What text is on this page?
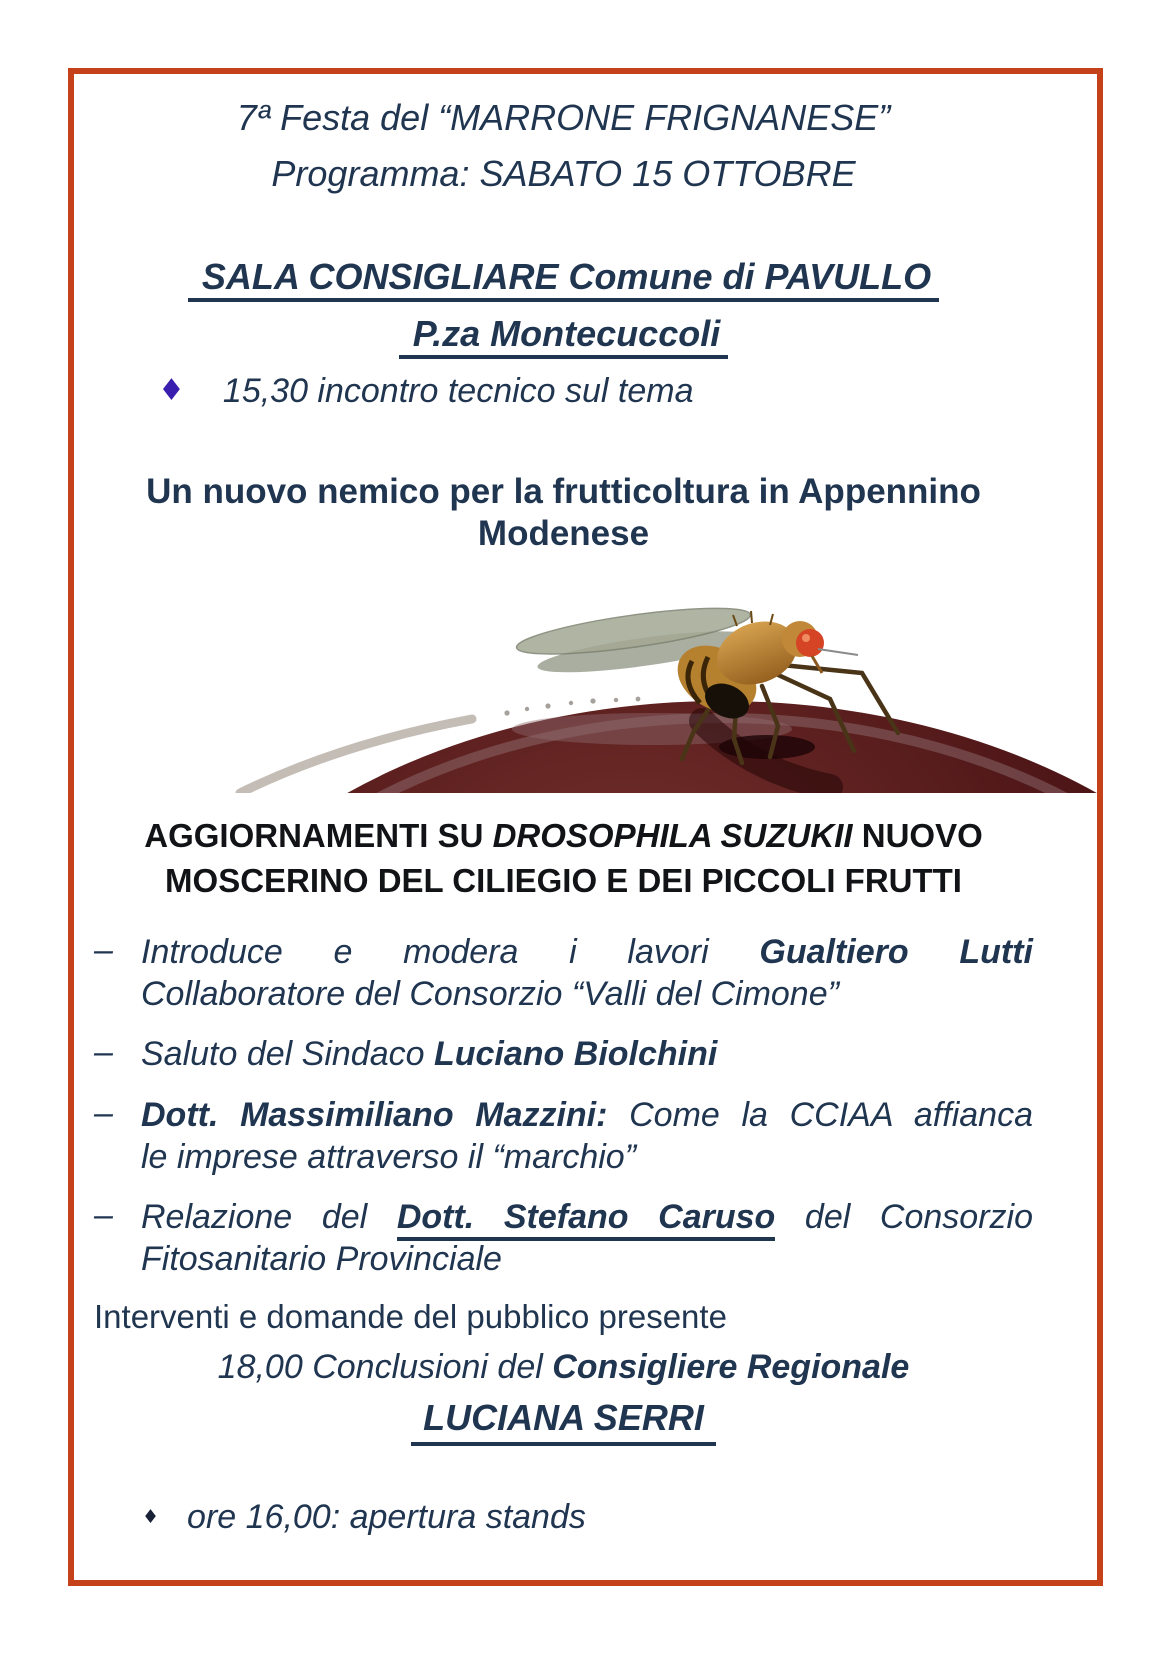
7ª Festa del “MARRONE FRIGNANESE”
Programma: SABATO 15 OTTOBRE
SALA CONSIGLIARE Comune di PAVULLO
P.za Montecuccoli
♦ 15,30 incontro tecnico sul tema
Un nuovo nemico per la frutticoltura in Appennino
Modenese
AGGIORNAMENTI SU DROSOPHILA SUZUKII NUOVO
MOSCERINO DEL CILIEGIO E DEI PICCOLI FRUTTI
– Introduce e modera i lavori Gualtiero Lutti
Collaboratore del Consorzio “Valli del Cimone”
– Saluto del Sindaco Luciano Biolchini
– Dott. Massimiliano Mazzini: Come la CCIAA affianca
le imprese attraverso il “marchio”
– Relazione del Dott. Stefano Caruso del Consorzio
Fitosanitario Provinciale

Interventi e domande del pubblico presente

18,00 Conclusioni del Consigliere Regionale

LUCIANA SERRI

♦ ore 16,00: apertura stands
